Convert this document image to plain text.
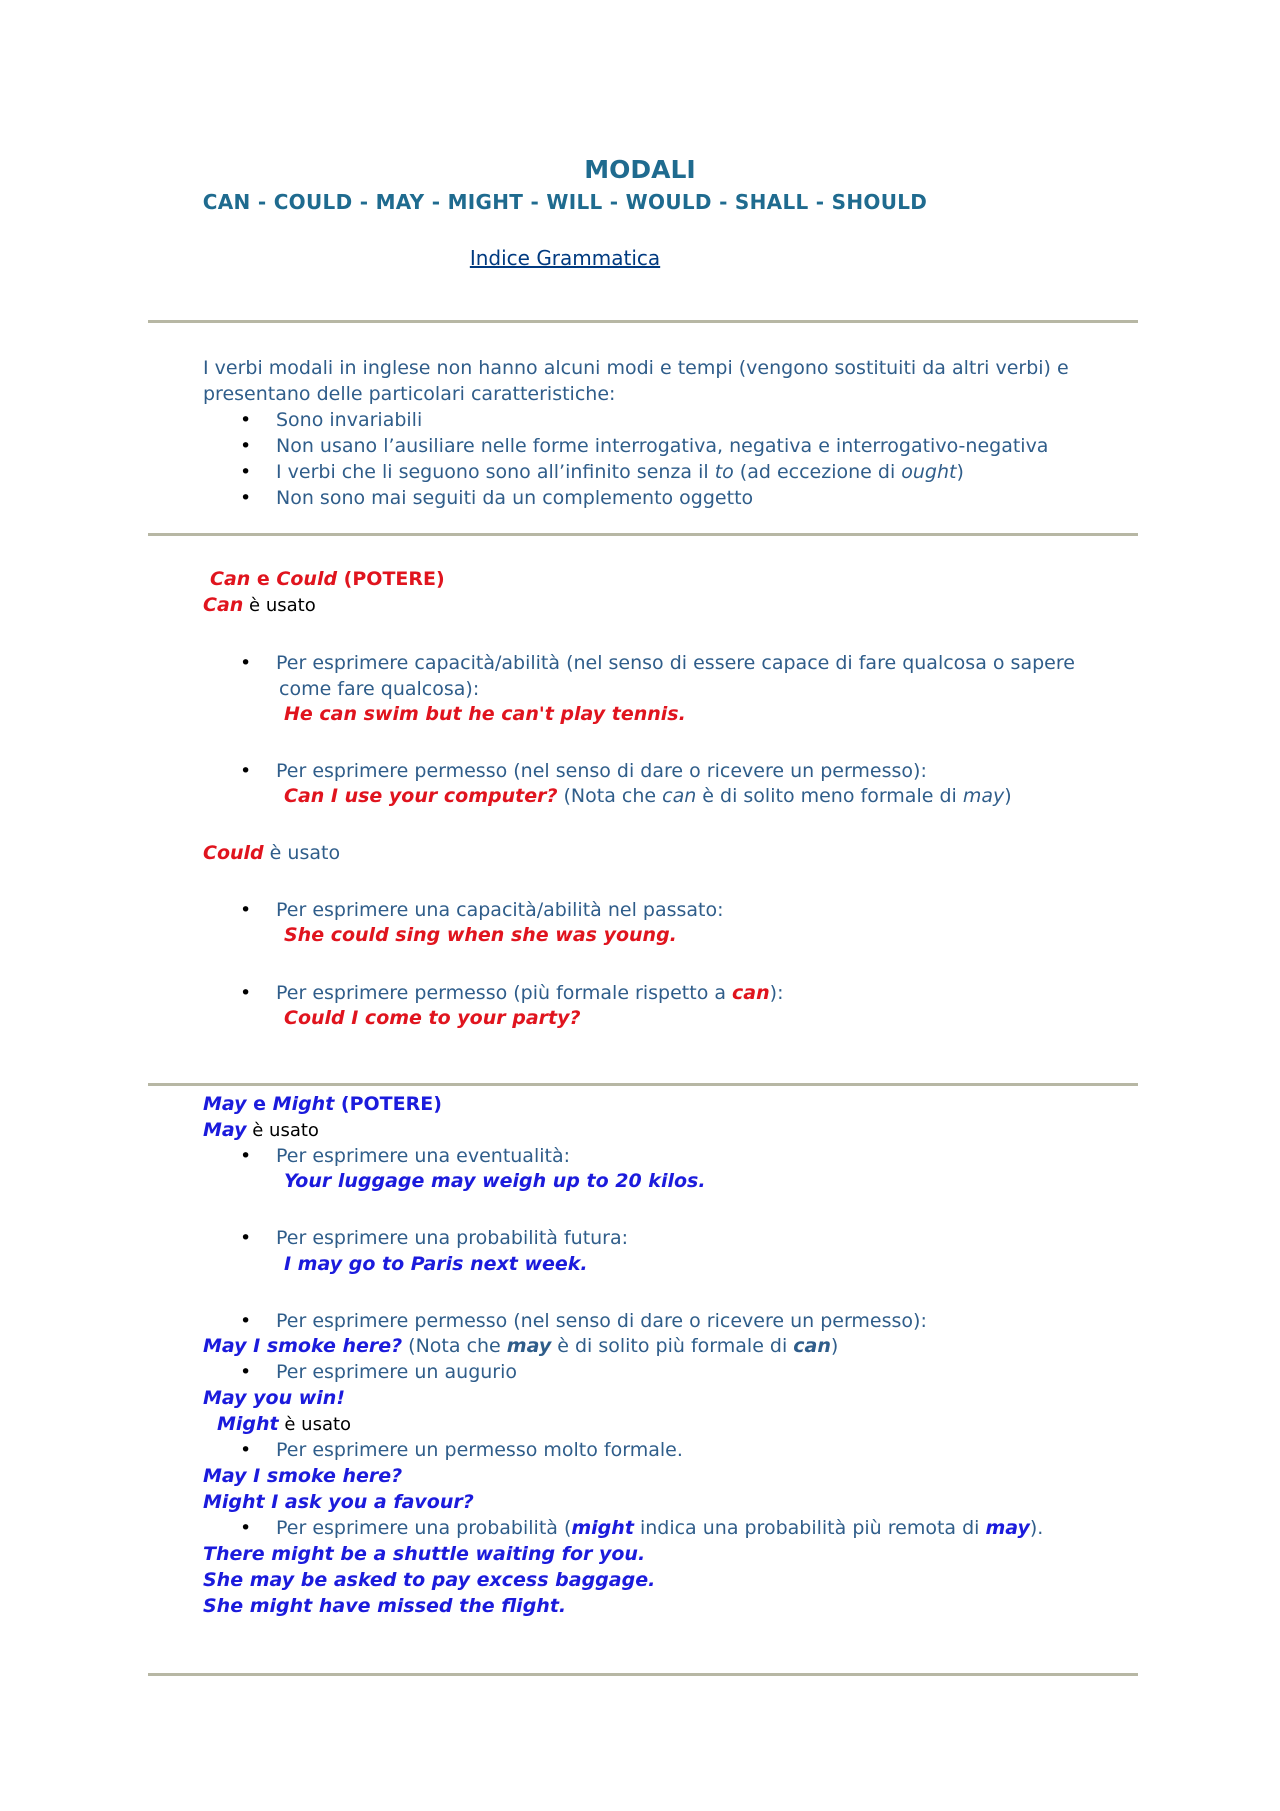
MODALI
CAN - COULD - MAY - MIGHT - WILL - WOULD - SHALL - SHOULD
Indice Grammatica
I verbi modali in inglese non hanno alcuni modi e tempi (vengono sostituiti da altri verbi) e
presentano delle particolari caratteristiche:
• Sono invariabili
• Non usano l’ausiliare nelle forme interrogativa, negativa e interrogativo-negativa
• I verbi che li seguono sono all’infinito senza il to (ad eccezione di ought)
• Non sono mai seguiti da un complemento oggetto
Can e Could (POTERE)
Can è usato
• Per esprimere capacità/abilità (nel senso di essere capace di fare qualcosa o sapere
come fare qualcosa):
He can swim but he can't play tennis.
• Per esprimere permesso (nel senso di dare o ricevere un permesso):
Can I use your computer? (Nota che can è di solito meno formale di may)
Could è usato
• Per esprimere una capacità/abilità nel passato:
She could sing when she was young.
• Per esprimere permesso (più formale rispetto a can):
Could I come to your party?
May e Might (POTERE)
May è usato
• Per esprimere una eventualità:
Your luggage may weigh up to 20 kilos.
• Per esprimere una probabilità futura:
I may go to Paris next week.
• Per esprimere permesso (nel senso di dare o ricevere un permesso):
May I smoke here? (Nota che may è di solito più formale di can)
• Per esprimere un augurio
May you win!
Might è usato
• Per esprimere un permesso molto formale.
May I smoke here?
Might I ask you a favour?
• Per esprimere una probabilità (might indica una probabilità più remota di may).
There might be a shuttle waiting for you.
She may be asked to pay excess baggage.
She might have missed the flight.
